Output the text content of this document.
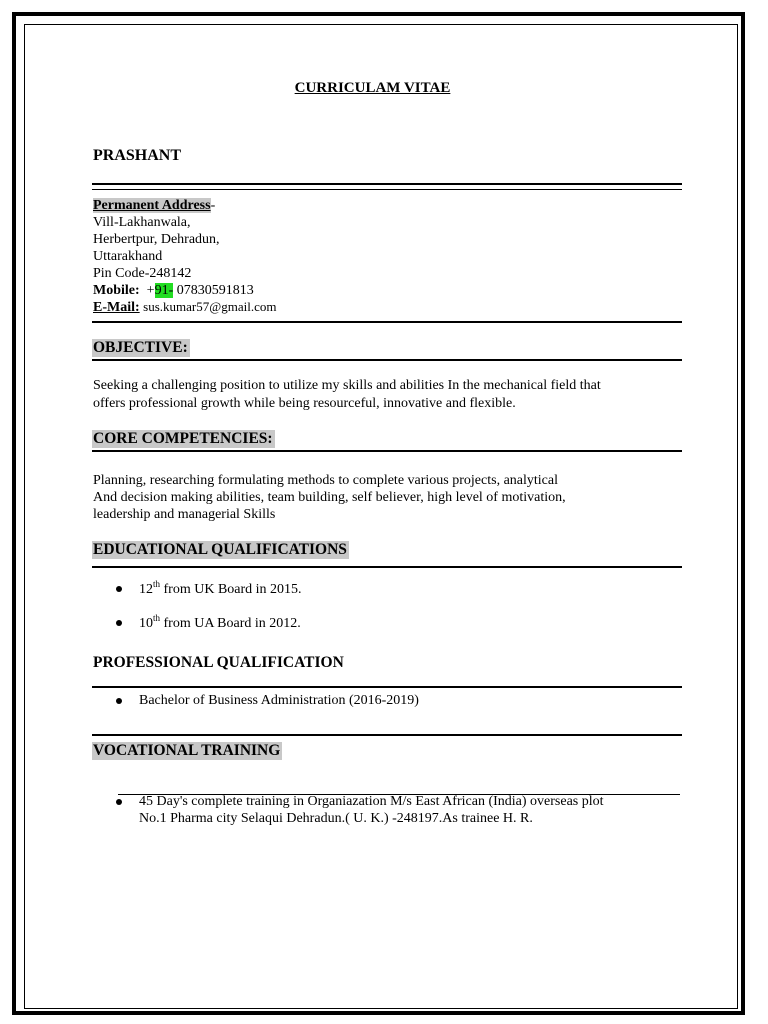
CURRICULAM VITAE
PRASHANT
Permanent Address-
Vill-Lakhanwala,
Herbertpur, Dehradun,
Uttarakhand
Pin Code-248142
Mobile: +91- 07830591813
E-Mail: sus.kumar57@gmail.com
OBJECTIVE:
Seeking a challenging position to utilize my skills and abilities In the mechanical field that
offers professional growth while being resourceful, innovative and flexible.
CORE COMPETENCIES:
Planning, researching formulating methods to complete various projects, analytical
And decision making abilities, team building, self believer, high level of motivation,
leadership and managerial Skills
EDUCATIONAL QUALIFICATIONS
12th from UK Board in 2015.
10th from UA Board in 2012.
PROFESSIONAL QUALIFICATION
Bachelor of Business Administration (2016-2019)
VOCATIONAL TRAINING
45 Day's complete training in Organiazation M/s East African (India) overseas plot
No.1 Pharma city Selaqui Dehradun.( U. K.) -248197.As trainee H. R.
